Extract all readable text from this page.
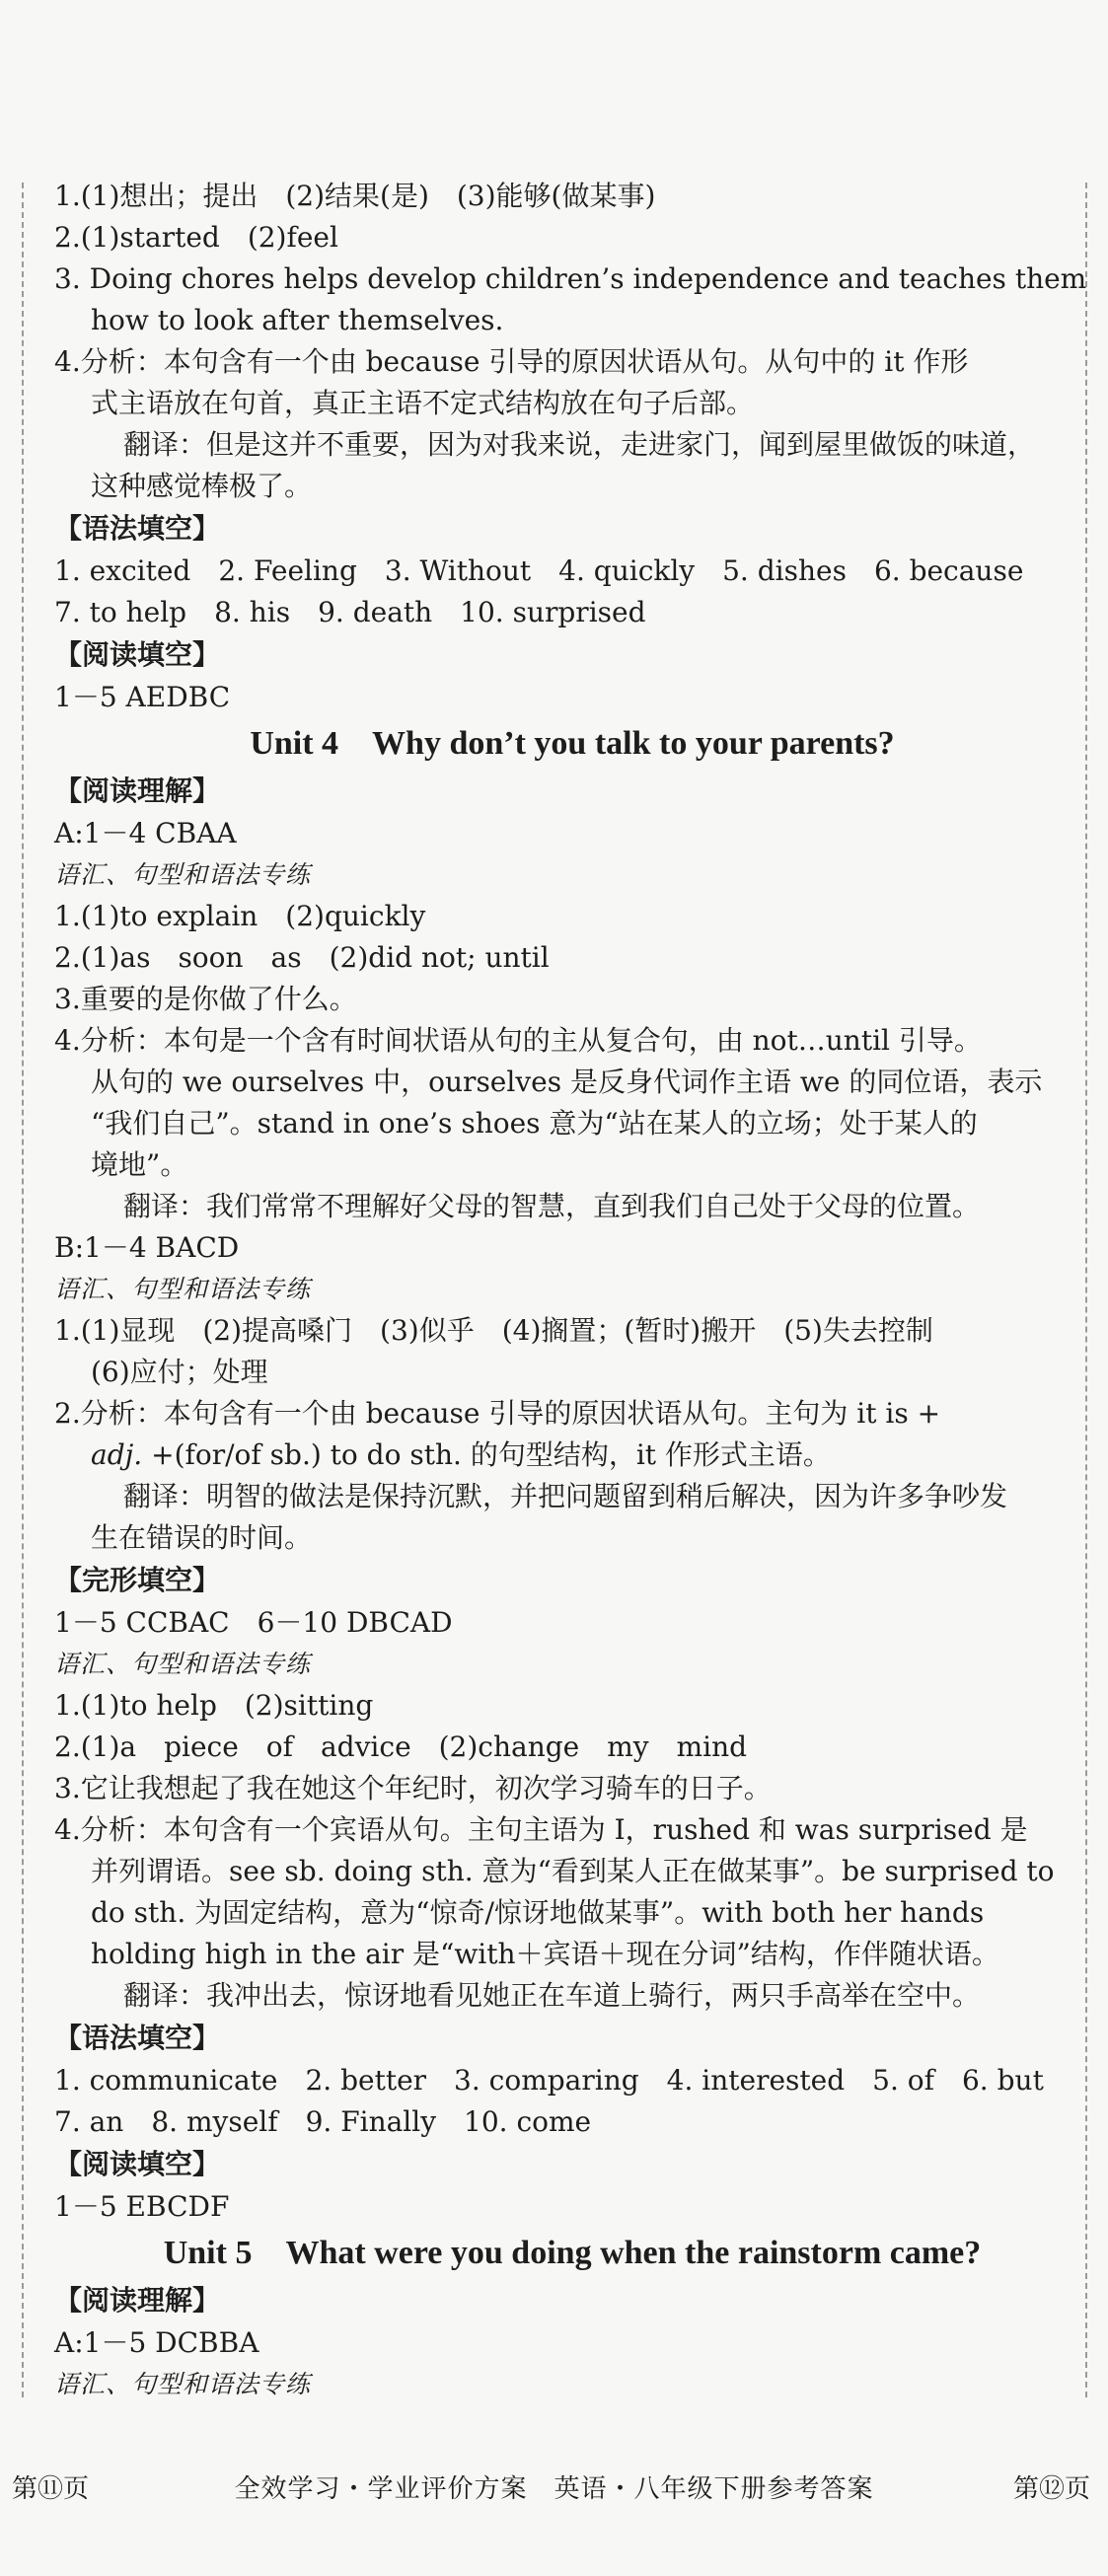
1.(1)想出；提出　(2)结果(是)　(3)能够(做某事)
2.(1)started　(2)feel
3. Doing chores helps develop children’s independence and teaches them
how to look after themselves.
4.分析：本句含有一个由 because 引导的原因状语从句。从句中的 it 作形
式主语放在句首，真正主语不定式结构放在句子后部。
翻译：但是这并不重要，因为对我来说，走进家门，闻到屋里做饭的味道，
这种感觉棒极了。
【语法填空】
1. excited　2. Feeling　3. Without　4. quickly　5. dishes　6. because
7. to help　8. his　9. death　10. surprised
【阅读填空】
1－5 AEDBC
Unit 4　Why don’t you talk to your parents?
【阅读理解】
A:1－4 CBAA
语汇、句型和语法专练
1.(1)to explain　(2)quickly
2.(1)as　soon　as　(2)did not; until
3.重要的是你做了什么。
4.分析：本句是一个含有时间状语从句的主从复合句，由 not…until 引导。
从句的 we ourselves 中，ourselves 是反身代词作主语 we 的同位语，表示
“我们自己”。stand in one’s shoes 意为“站在某人的立场；处于某人的
境地”。
翻译：我们常常不理解好父母的智慧，直到我们自己处于父母的位置。
B:1－4 BACD
语汇、句型和语法专练
1.(1)显现　(2)提高嗓门　(3)似乎　(4)搁置；(暂时)搬开　(5)失去控制
(6)应付；处理
2.分析：本句含有一个由 because 引导的原因状语从句。主句为 it is +
adj. +(for/of sb.) to do sth. 的句型结构，it 作形式主语。
翻译：明智的做法是保持沉默，并把问题留到稍后解决，因为许多争吵发
生在错误的时间。
【完形填空】
1－5 CCBAC　6－10 DBCAD
语汇、句型和语法专练
1.(1)to help　(2)sitting
2.(1)a　piece　of　advice　(2)change　my　mind
3.它让我想起了我在她这个年纪时，初次学习骑车的日子。
4.分析：本句含有一个宾语从句。主句主语为 I，rushed 和 was surprised 是
并列谓语。see sb. doing sth. 意为“看到某人正在做某事”。be surprised to
do sth. 为固定结构，意为“惊奇/惊讶地做某事”。with both her hands
holding high in the air 是“with＋宾语＋现在分词”结构，作伴随状语。
翻译：我冲出去，惊讶地看见她正在车道上骑行，两只手高举在空中。
【语法填空】
1. communicate　2. better　3. comparing　4. interested　5. of　6. but
7. an　8. myself　9. Finally　10. come
【阅读填空】
1－5 EBCDF
Unit 5　What were you doing when the rainstorm came?
【阅读理解】
A:1－5 DCBBA
语汇、句型和语法专练
第⑪页	全效学习・学业评价方案　英语・八年级下册参考答案	第⑫页
